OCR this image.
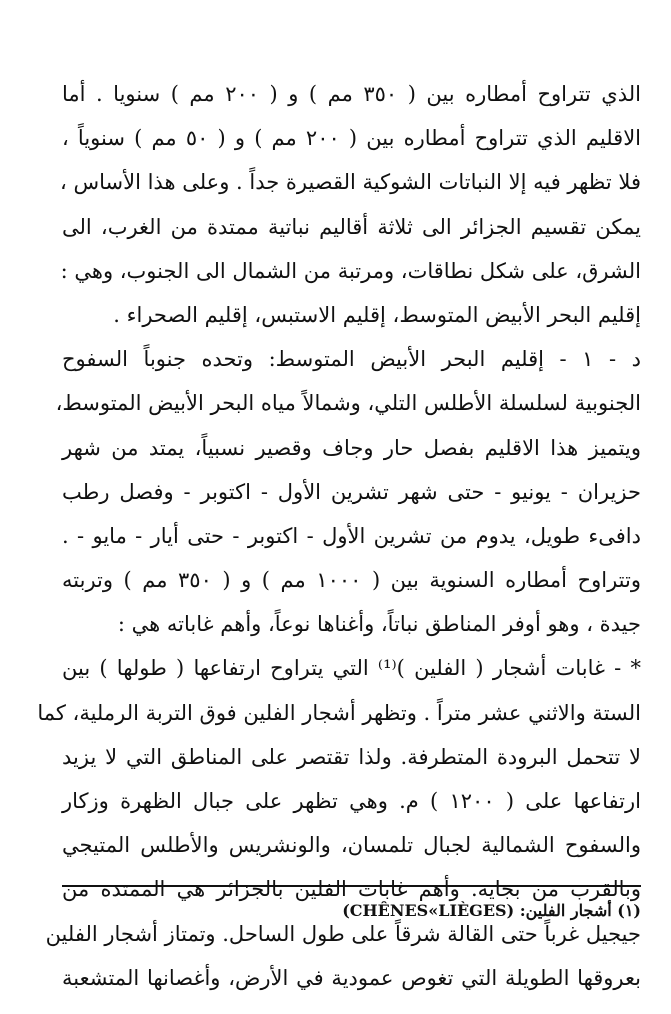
الذي تتراوح أمطاره بين ( ٣٥٠ مم ) و ( ٢٠٠ مم ) سنويا . أما
الاقليم الذي تتراوح أمطاره بين ( ٢٠٠ مم ) و ( ٥٠ مم ) سنوياً ،
فلا تظهر فيه إلا النباتات الشوكية القصيرة جداً . وعلى هذا الأساس ،
يمكن تقسيم الجزائر الى ثلاثة أقاليم نباتية ممتدة من الغرب، الى
الشرق، على شكل نطاقات، ومرتبة من الشمال الى الجنوب، وهي :
إقليم البحر الأبيض المتوسط، إقليم الاستبس، إقليم الصحراء .
د - ١ - إقليم البحر الأبيض المتوسط: وتحده جنوباً السفوح
الجنوبية لسلسلة الأطلس التلي، وشمالاً مياه البحر الأبيض المتوسط،
ويتميز هذا الاقليم بفصل حار وجاف وقصير نسبياً، يمتد من شهر
حزيران - يونيو - حتى شهر تشرين الأول - اكتوبر - وفصل رطب
دافىء طويل، يدوم من تشرين الأول - اكتوبر - حتى أيار - مايو - .
وتتراوح أمطاره السنوية بين ( ١٠٠٠ مم ) و ( ٣٥٠ مم ) وتربته
جيدة ، وهو أوفر المناطق نباتاً، وأغناها نوعاً، وأهم غاباته هي :
* - غابات أشجار ( الفلين )⁽¹⁾ التي يتراوح ارتفاعها ( طولها ) بين
الستة والاثني عشر متراً . وتظهر أشجار الفلين فوق التربة الرملية، كما
لا تتحمل البرودة المتطرفة. ولذا تقتصر على المناطق التي لا يزيد
ارتفاعها على ( ١٢٠٠ ) م. وهي تظهر على جبال الظهرة وزكار
والسفوح الشمالية لجبال تلمسان، والونشريس والأطلس المتيجي
وبالقرب من بجاية. وأهم غابات الفلين بالجزائر هي الممتدة من
جيجيل غرباً حتى القالة شرقاً على طول الساحل. وتمتاز أشجار الفلين
بعروقها الطويلة التي تغوص عمودية في الأرض، وأغصانها المتشعبة
(١) أشجار الفلين: (CHÊNES«LIÈGES)
